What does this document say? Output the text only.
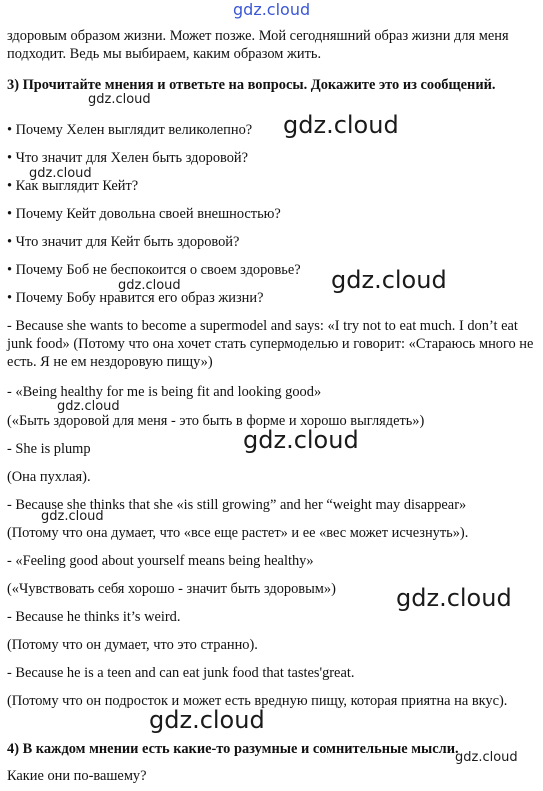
gdz.cloud
gdz.cloud
gdz.cloud
gdz.cloud
gdz.cloud
gdz.cloud
gdz.cloud
gdz.cloud
gdz.cloud
gdz.cloud
gdz.cloud
gdz.cloud
здоровым образом жизни. Может позже. Мой сегодняшний образ жизни для меня подходит. Ведь мы выбираем, каким образом жить.
3) Прочитайте мнения и ответьте на вопросы. Докажите это из сообщений.
• Почему Хелен выглядит великолепно?
• Что значит для Хелен быть здоровой?
• Как выглядит Кейт?
• Почему Кейт довольна своей внешностью?
• Что значит для Кейт быть здоровой?
• Почему Боб не беспокоится о своем здоровье?
• Почему Бобу нравится его образ жизни?
- Because she wants to become a supermodel and says: «I try not to eat much. I don’t eat junk food» (Потому что она хочет стать супермоделью и говорит: «Стараюсь много не есть. Я не ем нездоровую пищу»)
- «Being healthy for me is being fit and looking good»
(«Быть здоровой для меня - это быть в форме и хорошо выглядеть»)
- She is plump
(Она пухлая).
- Because she thinks that she «is still growing” and her “weight may disappear»
(Потому что она думает, что «все еще растет» и ее «вес может исчезнуть»).
- «Feeling good about yourself means being healthy»
(«Чувствовать себя хорошо - значит быть здоровым»)
- Because he thinks it’s weird.
(Потому что он думает, что это странно).
- Because he is a teen and can eat junk food that tastes'great.
(Потому что он подросток и может есть вредную пищу, которая приятна на вкус).
4) В каждом мнении есть какие-то разумные и сомнительные мысли.
Какие они по-вашему?
